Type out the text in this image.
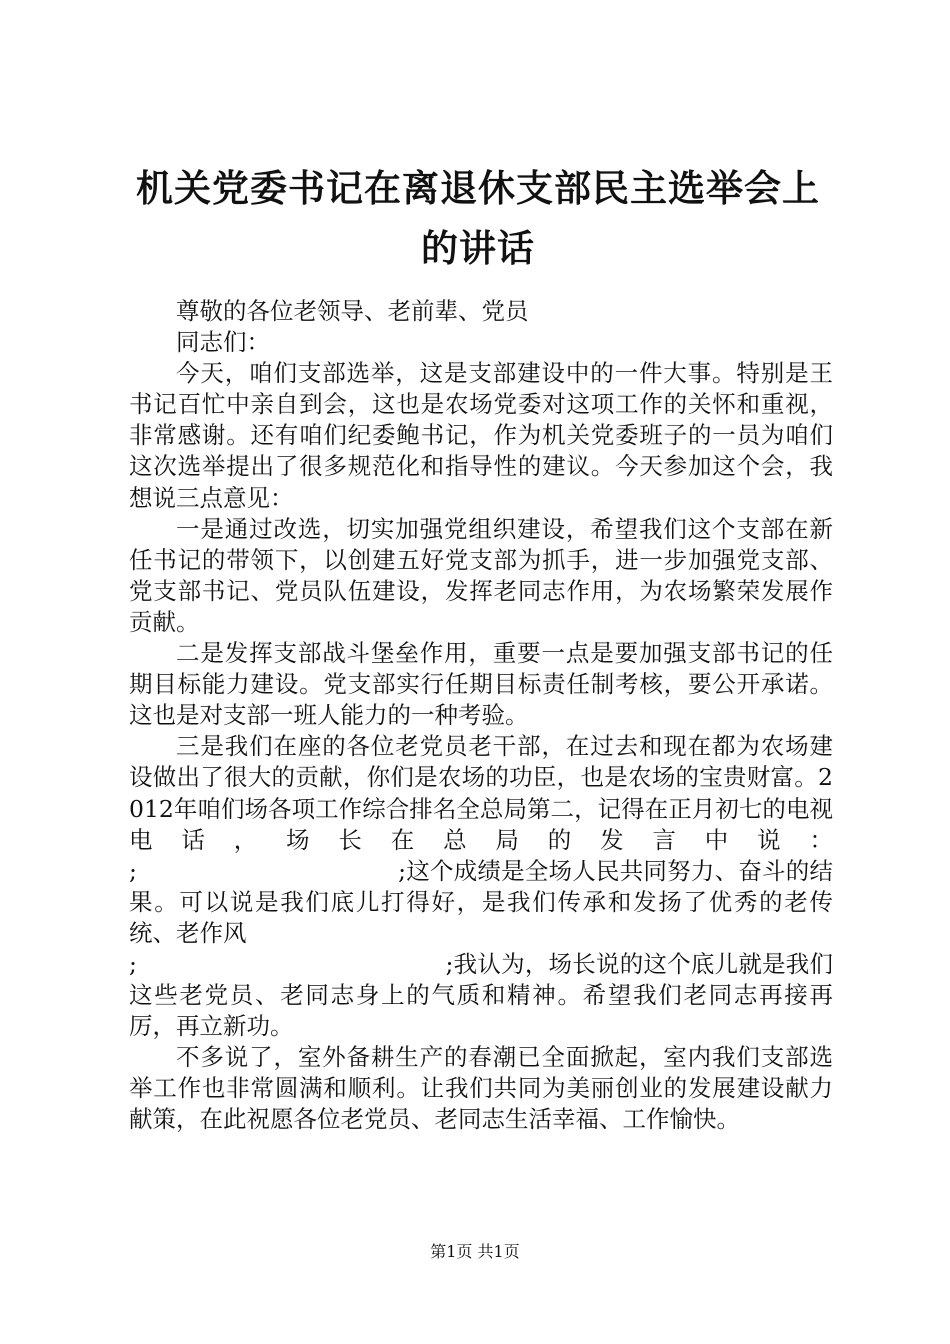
机关党委书记在离退休支部民主选举会上的讲话

尊敬的各位老领导、老前辈、党员

同志们：

今天，咱们支部选举，这是支部建设中的一件大事。特别是王书记百忙中亲自到会，这也是农场党委对这项工作的关怀和重视，非常感谢。还有咱们纪委鲍书记，作为机关党委班子的一员为咱们这次选举提出了很多规范化和指导性的建议。今天参加这个会，我想说三点意见：

一是通过改选，切实加强党组织建设，希望我们这个支部在新任书记的带领下，以创建五好党支部为抓手，进一步加强党支部、党支部书记、党员队伍建设，发挥老同志作用，为农场繁荣发展作贡献。

二是发挥支部战斗堡垒作用，重要一点是要加强支部书记的任期目标能力建设。党支部实行任期目标责任制考核，要公开承诺。这也是对支部一班人能力的一种考验。

三是我们在座的各位老党员老干部，在过去和现在都为农场建设做出了很大的贡献，你们是农场的功臣，也是农场的宝贵财富。2012年咱们场各项工作综合排名全总局第二，记得在正月初七的电视电话，场长在总局的发言中说：

;　　　　　　　　　　　;这个成绩是全场人民共同努力、奋斗的结果。可以说是我们底儿打得好，是我们传承和发扬了优秀的老传统、老作风

;　　　　　　　　　　　　　;我认为，场长说的这个底儿就是我们这些老党员、老同志身上的气质和精神。希望我们老同志再接再厉，再立新功。

不多说了，室外备耕生产的春潮已全面掀起，室内我们支部选举工作也非常圆满和顺利。让我们共同为美丽创业的发展建设献力献策，在此祝愿各位老党员、老同志生活幸福、工作愉快。

第1页 共1页
